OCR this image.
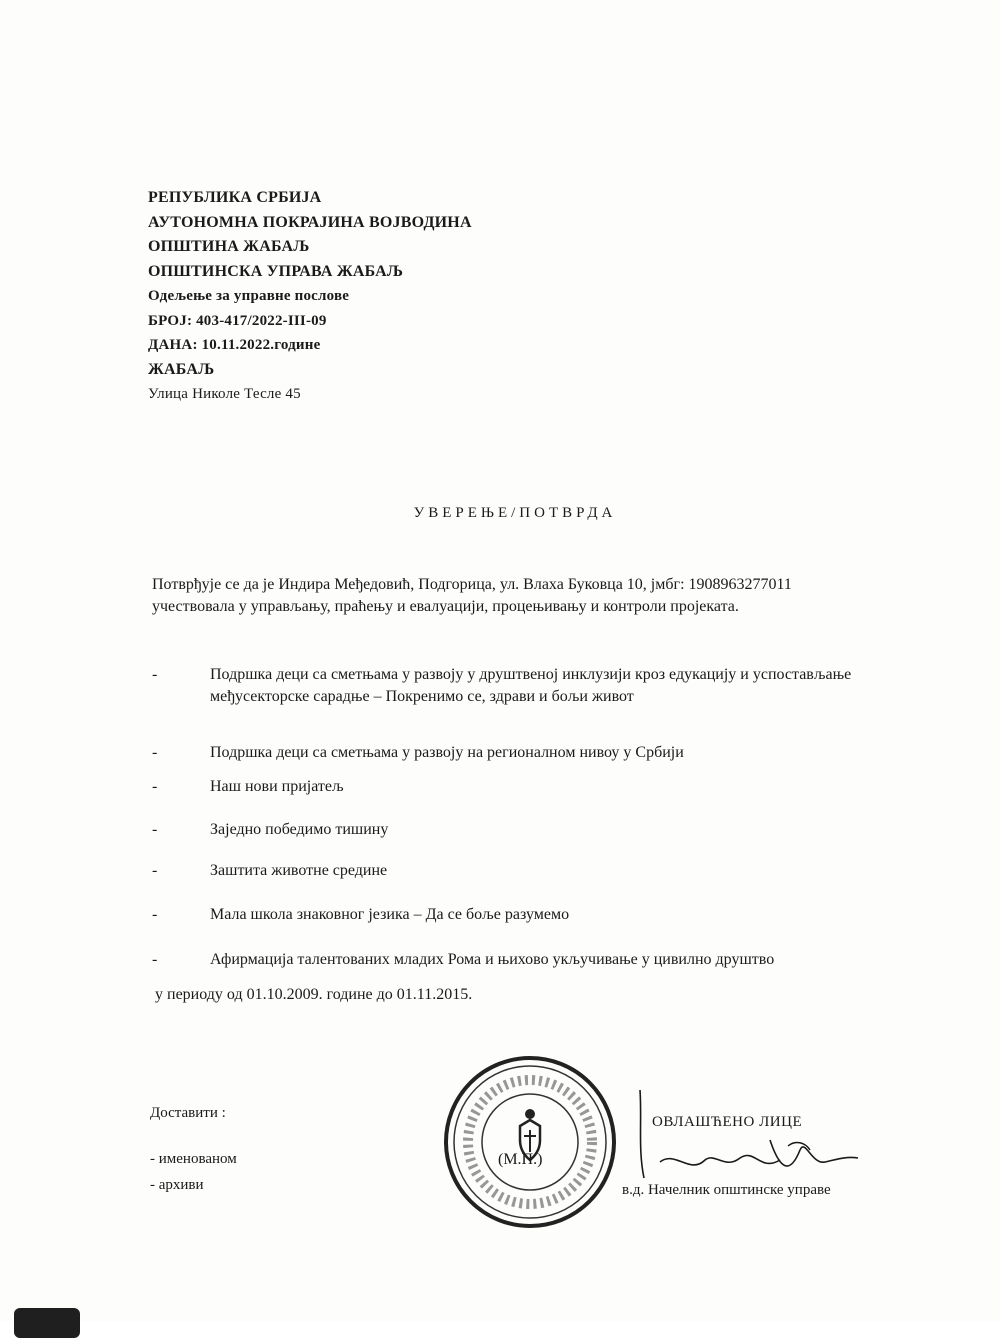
РЕПУБЛИКА СРБИЈА
АУТОНОМНА ПОКРАЈИНА ВОЈВОДИНА
ОПШТИНА ЖАБАЉ
ОПШТИНСКА УПРАВА ЖАБАЉ
Одељење за управне послове
БРОЈ: 403-417/2022-III-09
ДАНА: 10.11.2022.године
ЖАБАЉ
Улица Николе Тесле 45
УВЕРЕЊЕ/ПОТВРДА
Потврђује се да је Индира Међедовић, Подгорица, ул. Влаха Буковца 10, јмбг: 1908963277011 учествовала у управљању, праћењу и евалуацији, процењивању и контроли пројеката.
-	Подршка деци са сметњама у развоју у друштвеној инклузији кроз едукацију и успостављање међусекторске сарадње – Покренимо се, здрави и бољи живот
-	Подршка деци са сметњама у развоју на регионалном нивоу у Србији
-	Наш нови пријатељ
-	Заједно победимо тишину
-	Заштита животне средине
-	Мала школа знаковног језика – Да се боље разумемо
-	Афирмација талентованих младих Рома и њихово укључивање у цивилно друштво
у периоду од 01.10.2009. године до 01.11.2015.
Доставити :
- именованом
- архиви
(М.П.)
ОВЛАШЋЕНО ЛИЦЕ
в.д. Начелник општинске управе
